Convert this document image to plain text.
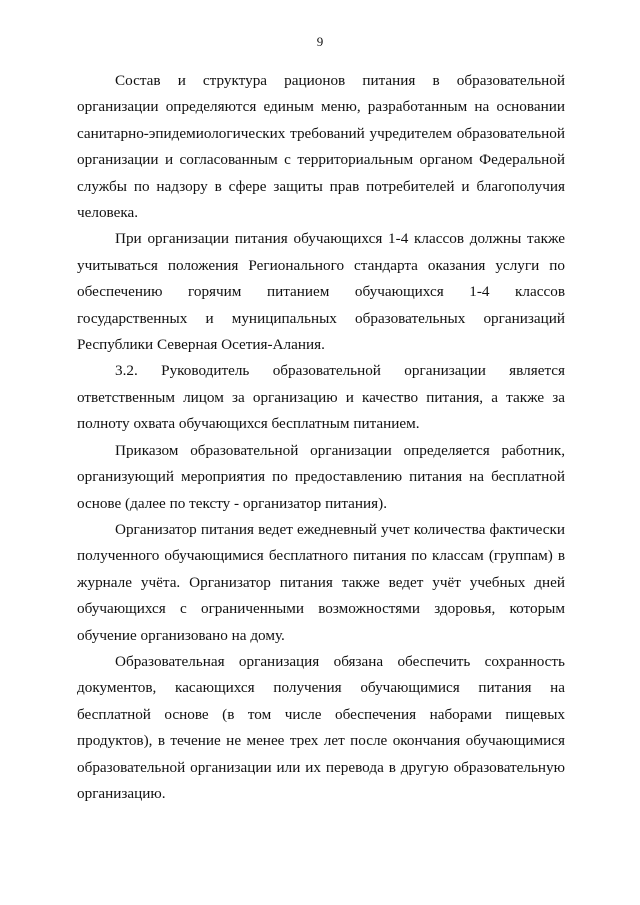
9

Состав и структура рационов питания в образовательной организации определяются единым меню, разработанным на основании санитарно-эпидемиологических требований учредителем образовательной организации и согласованным с территориальным органом Федеральной службы по надзору в сфере защиты прав потребителей и благополучия человека.

При организации питания обучающихся 1-4 классов должны также учитываться положения Регионального стандарта оказания услуги по обеспечению горячим питанием обучающихся 1-4 классов государственных и муниципальных образовательных организаций Республики Северная Осетия-Алания.

3.2. Руководитель образовательной организации является ответственным лицом за организацию и качество питания, а также за полноту охвата обучающихся бесплатным питанием.

Приказом образовательной организации определяется работник, организующий мероприятия по предоставлению питания на бесплатной основе (далее по тексту - организатор питания).

Организатор питания ведет ежедневный учет количества фактически полученного обучающимися бесплатного питания по классам (группам) в журнале учёта. Организатор питания также ведет учёт учебных дней обучающихся с ограниченными возможностями здоровья, которым обучение организовано на дому.

Образовательная организация обязана обеспечить сохранность документов, касающихся получения обучающимися питания на бесплатной основе (в том числе обеспечения наборами пищевых продуктов), в течение не менее трех лет после окончания обучающимися образовательной организации или их перевода в другую образовательную организацию.
